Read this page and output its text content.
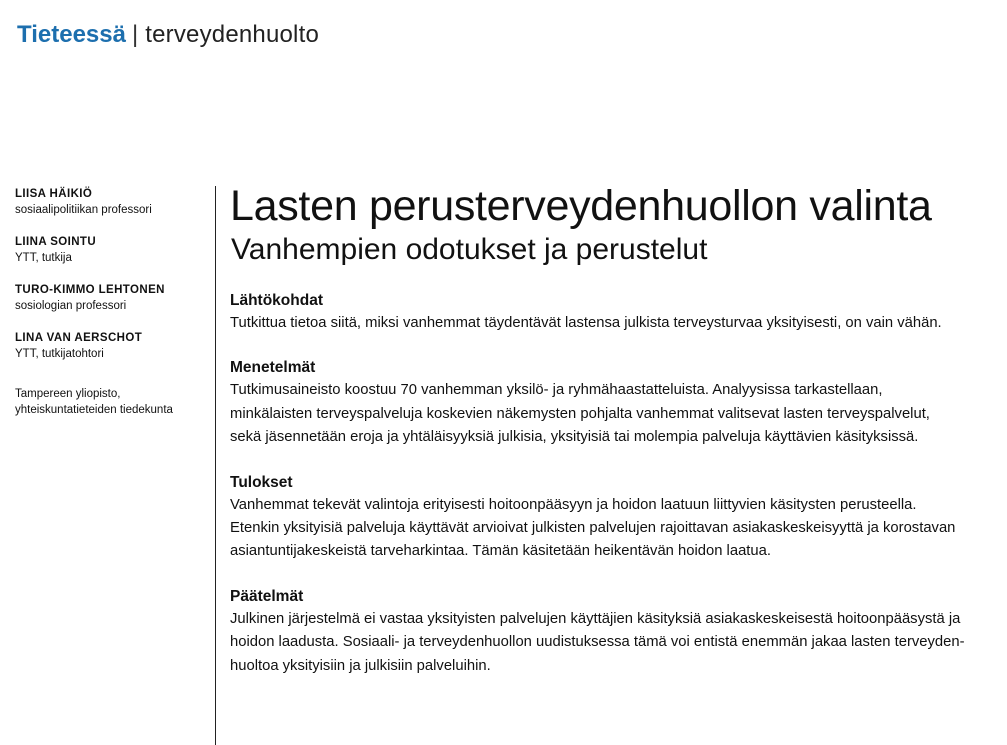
Tieteessä | terveydenhuolto
LIISA HÄIKIÖ
sosiaalipolitiikan professori
LIINA SOINTU
YTT, tutkija
TURO-KIMMO LEHTONEN
sosiologian professori
LINA VAN AERSCHOT
YTT, tutkijatohtori
Tampereen yliopisto,
yhteiskuntatieteiden tiedekunta
Lasten perusterveydenhuollon valinta
Vanhempien odotukset ja perustelut
Lähtökohdat

Tutkittua tietoa siitä, miksi vanhemmat täydentävät lastensa julkista terveysturvaa yksityisesti, on vain vähän.

Menetelmät

Tutkimusaineisto koostuu 70 vanhemman yksilö- ja ryhmähaastatteluista. Analyysissa tarkastellaan,
minkälaisten terveyspalveluja koskevien näkemysten pohjalta vanhemmat valitsevat lasten terveyspalvelut,
sekä jäsennetään eroja ja yhtäläisyyksiä julkisia, yksityisiä tai molempia palveluja käyttävien käsityksissä.

Tulokset

Vanhemmat tekevät valintoja erityisesti hoitoonpääsyyn ja hoidon laatuun liittyvien käsitysten perusteella.
Etenkin yksityisiä palveluja käyttävät arvioivat julkisten palvelujen rajoittavan asiakaskeskeisyyttä ja korostavan
asiantuntijakeskeistä tarveharkintaa. Tämän käsitetään heikentävän hoidon laatua.

Päätelmät

Julkinen järjestelmä ei vastaa yksityisten palvelujen käyttäjien käsityksiä asiakaskeskeisestä hoitoonpääsystä ja
hoidon laadusta. Sosiaali- ja terveydenhuollon uudistuksessa tämä voi entistä enemmän jakaa lasten terveyden-
huoltoa yksityisiin ja julkisiin palveluihin.
